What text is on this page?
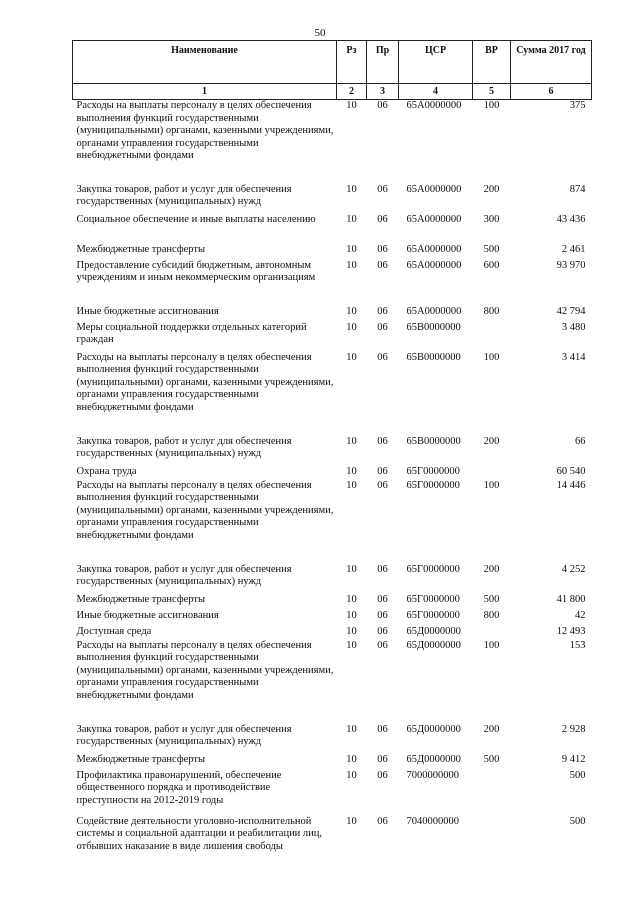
50
Наименование	Рз	Пр	ЦСР	ВР	Сумма 2017 год
1	2	3	4	5	6
Расходы на выплаты персоналу в целях обеспечения выполнения функций государственными (муниципальными) органами, казенными учреждениями, органами управления государственными внебюджетными фондами	10	06	65А0000000	100	375
Закупка товаров, работ и услуг для обеспечения государственных (муниципальных) нужд	10	06	65А0000000	200	874
Социальное обеспечение и иные выплаты населению	10	06	65А0000000	300	43 436
Межбюджетные трансферты	10	06	65А0000000	500	2 461
Предоставление субсидий бюджетным, автономным учреждениям и иным некоммерческим организациям	10	06	65А0000000	600	93 970
Иные бюджетные ассигнования	10	06	65А0000000	800	42 794
Меры социальной поддержки отдельных категорий граждан	10	06	65В0000000		3 480
Расходы на выплаты персоналу в целях обеспечения выполнения функций государственными (муниципальными) органами, казенными учреждениями, органами управления государственными внебюджетными фондами	10	06	65В0000000	100	3 414
Закупка товаров, работ и услуг для обеспечения государственных (муниципальных) нужд	10	06	65В0000000	200	66
Охрана труда	10	06	65Г0000000		60 540
Расходы на выплаты персоналу в целях обеспечения выполнения функций государственными (муниципальными) органами, казенными учреждениями, органами управления государственными внебюджетными фондами	10	06	65Г0000000	100	14 446
Закупка товаров, работ и услуг для обеспечения государственных (муниципальных) нужд	10	06	65Г0000000	200	4 252
Межбюджетные трансферты	10	06	65Г0000000	500	41 800
Иные бюджетные ассигнования	10	06	65Г0000000	800	42
Доступная среда	10	06	65Д0000000		12 493
Расходы на выплаты персоналу в целях обеспечения выполнения функций государственными (муниципальными) органами, казенными учреждениями, органами управления государственными внебюджетными фондами	10	06	65Д0000000	100	153
Закупка товаров, работ и услуг для обеспечения государственных (муниципальных) нужд	10	06	65Д0000000	200	2 928
Межбюджетные трансферты	10	06	65Д0000000	500	9 412
Профилактика правонарушений, обеспечение общественного порядка и противодействие преступности на 2012-2019 годы	10	06	7000000000		500
Содействие деятельности уголовно-исполнительной системы и социальной адаптации и реабилитации лиц, отбывших наказание в виде лишения свободы	10	06	7040000000		500
